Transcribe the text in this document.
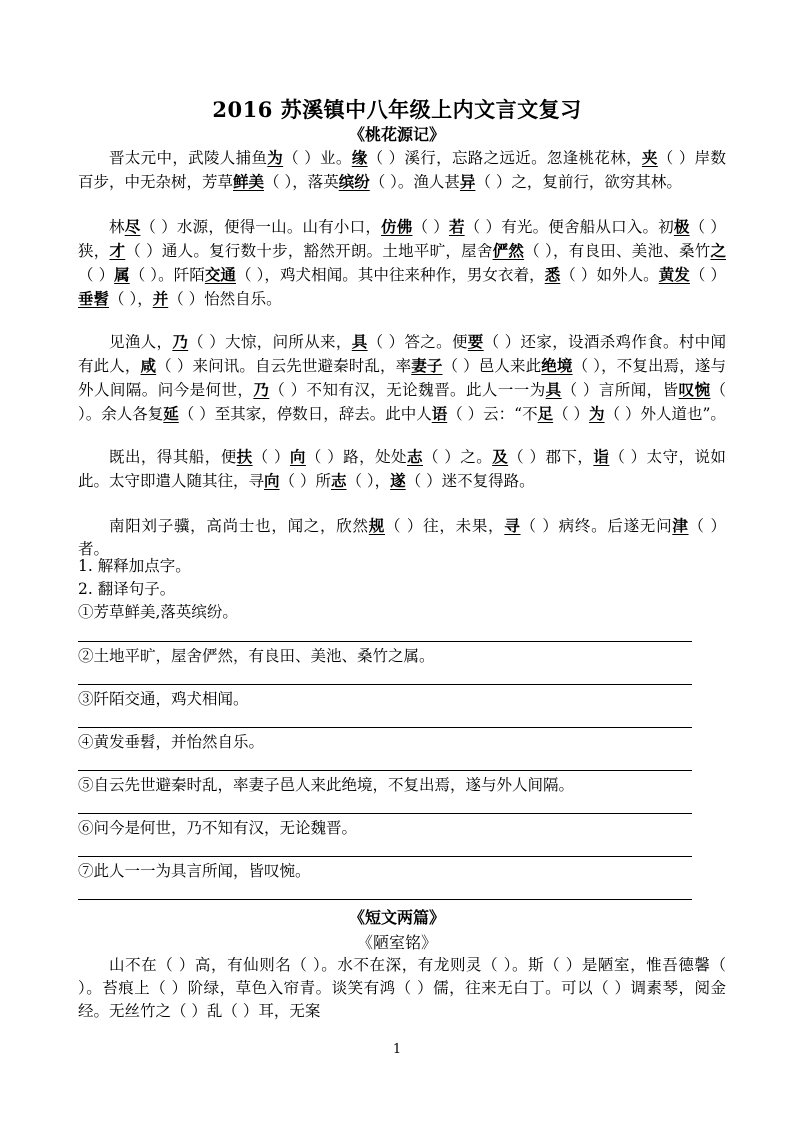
2016 苏溪镇中八年级上内文言文复习
《桃花源记》

晋太元中，武陵人捕鱼为（ ）业。缘（ ）溪行，忘路之远近。忽逢桃花林，夹（ ）岸数百步，中无杂树，芳草鲜美（ ），落英缤纷（ ）。渔人甚异（ ）之，复前行，欲穷其林。

林尽（ ）水源，便得一山。山有小口，仿佛（ ）若（ ）有光。便舍船从口入。初极（ ）狭，才（ ）通人。复行数十步，豁然开朗。土地平旷，屋舍俨然（ ），有良田、美池、桑竹之（ ）属（ ）。阡陌交通（ ），鸡犬相闻。其中往来种作，男女衣着，悉（ ）如外人。黄发（ ）垂髫（ ），并（ ）怡然自乐。

见渔人，乃（ ）大惊，问所从来，具（ ）答之。便要（ ）还家，设酒杀鸡作食。村中闻有此人，咸（ ）来问讯。自云先世避秦时乱，率妻子（ ）邑人来此绝境（ ），不复出焉，遂与外人间隔。问今是何世，乃（ ）不知有汉，无论魏晋。此人一一为具（ ）言所闻，皆叹惋（ ）。余人各复延（ ）至其家，停数日，辞去。此中人语（ ）云：“不足（ ）为（ ）外人道也”。

既出，得其船，便扶（ ）向（ ）路，处处志（ ）之。及（ ）郡下，诣（ ）太守，说如此。太守即遣人随其往，寻向（ ）所志（ ），遂（ ）迷不复得路。

南阳刘子骥，高尚士也，闻之，欣然规（ ）往，未果，寻（ ）病终。后遂无问津（ ）者。

1. 解释加点字。
2. 翻译句子。
①芳草鲜美,落英缤纷。
②土地平旷，屋舍俨然，有良田、美池、桑竹之属。
③阡陌交通，鸡犬相闻。
④黄发垂髫，并怡然自乐。
⑤自云先世避秦时乱，率妻子邑人来此绝境，不复出焉，遂与外人间隔。
⑥问今是何世，乃不知有汉，无论魏晋。
⑦此人一一为具言所闻，皆叹惋。
《短文两篇》
《陋室铭》

山不在（ ）高，有仙则名（ ）。水不在深，有龙则灵（ ）。斯（ ）是陋室，惟吾德馨（ ）。苔痕上（ ）阶绿，草色入帘青。谈笑有鸿（ ）儒，往来无白丁。可以（ ）调素琴，阅金经。无丝竹之（ ）乱（ ）耳，无案

1
